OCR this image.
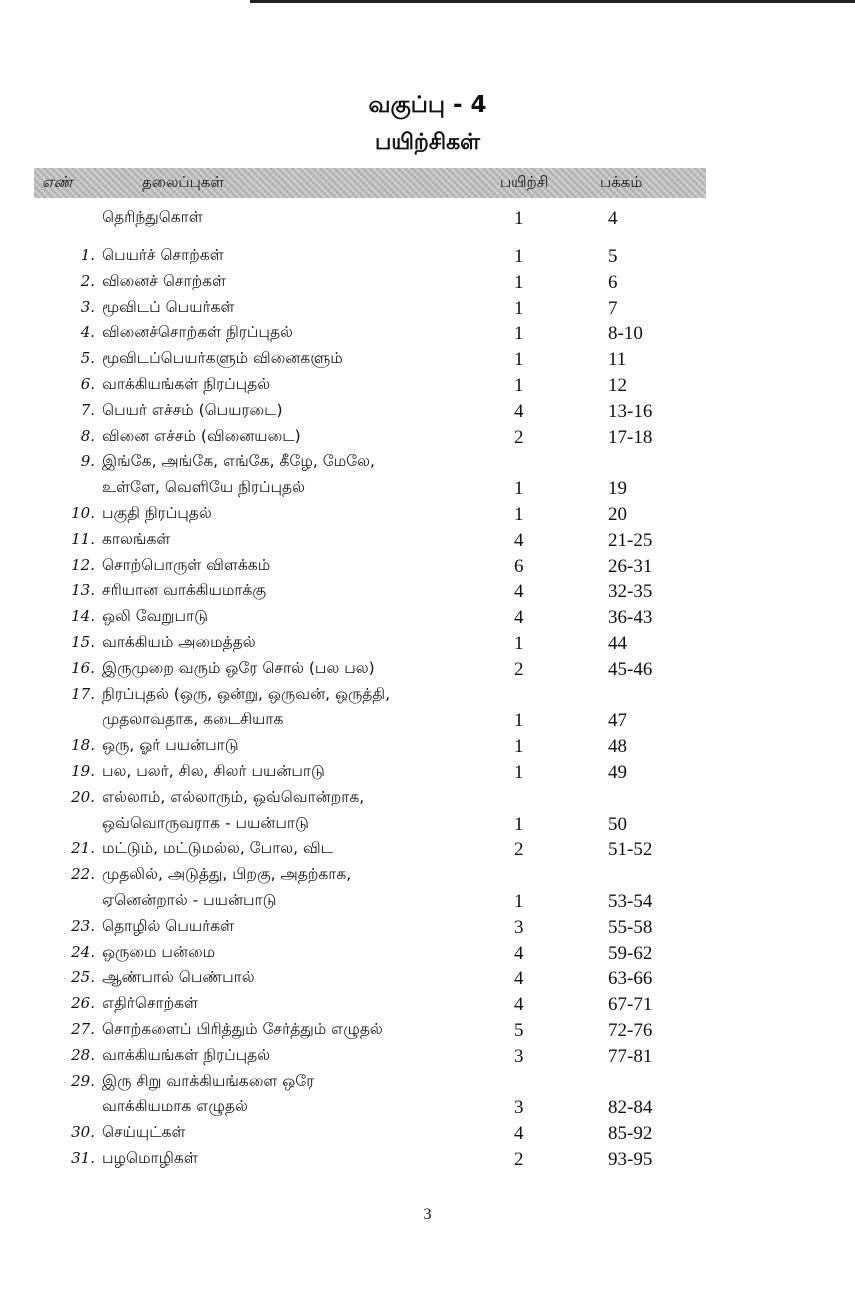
வகுப்பு - 4
பயிற்சிகள்
எண்	தலைப்புகள்	பயிற்சி	பக்கம்
தெரிந்துகொள்	1	4
1. பெயர்ச் சொற்கள்	1	5
2. வினைச் சொற்கள்	1	6
3. மூவிடப் பெயர்கள்	1	7
4. வினைச்சொற்கள் நிரப்புதல்	1	8-10
5. மூவிடப்பெயர்களும் வினைகளும்	1	11
6. வாக்கியங்கள் நிரப்புதல்	1	12
7. பெயர் எச்சம் (பெயரடை)	4	13-16
8. வினை எச்சம் (வினையடை)	2	17-18
9. இங்கே, அங்கே, எங்கே, கீழே, மேலே,
உள்ளே, வெளியே நிரப்புதல்	1	19
10. பகுதி நிரப்புதல்	1	20
11. காலங்கள்	4	21-25
12. சொற்பொருள் விளக்கம்	6	26-31
13. சரியான வாக்கியமாக்கு	4	32-35
14. ஒலி வேறுபாடு	4	36-43
15. வாக்கியம் அமைத்தல்	1	44
16. இருமுறை வரும் ஒரே சொல் (பல பல)	2	45-46
17. நிரப்புதல் (ஒரு, ஒன்று, ஒருவன், ஒருத்தி,
முதலாவதாக, கடைசியாக	1	47
18. ஒரு, ஓர் பயன்பாடு	1	48
19. பல, பலர், சில, சிலர் பயன்பாடு	1	49
20. எல்லாம், எல்லாரும், ஒவ்வொன்றாக,
ஒவ்வொருவராக - பயன்பாடு	1	50
21. மட்டும், மட்டுமல்ல, போல, விட	2	51-52
22. முதலில், அடுத்து, பிறகு, அதற்காக,
ஏனென்றால் - பயன்பாடு	1	53-54
23. தொழில் பெயர்கள்	3	55-58
24. ஒருமை பன்மை	4	59-62
25. ஆண்பால் பெண்பால்	4	63-66
26. எதிர்சொற்கள்	4	67-71
27. சொற்களைப் பிரித்தும் சேர்த்தும் எழுதல்	5	72-76
28. வாக்கியங்கள் நிரப்புதல்	3	77-81
29. இரு சிறு வாக்கியங்களை ஒரே
வாக்கியமாக எழுதல்	3	82-84
30. செய்யுட்கள்	4	85-92
31. பழமொழிகள்	2	93-95
3
